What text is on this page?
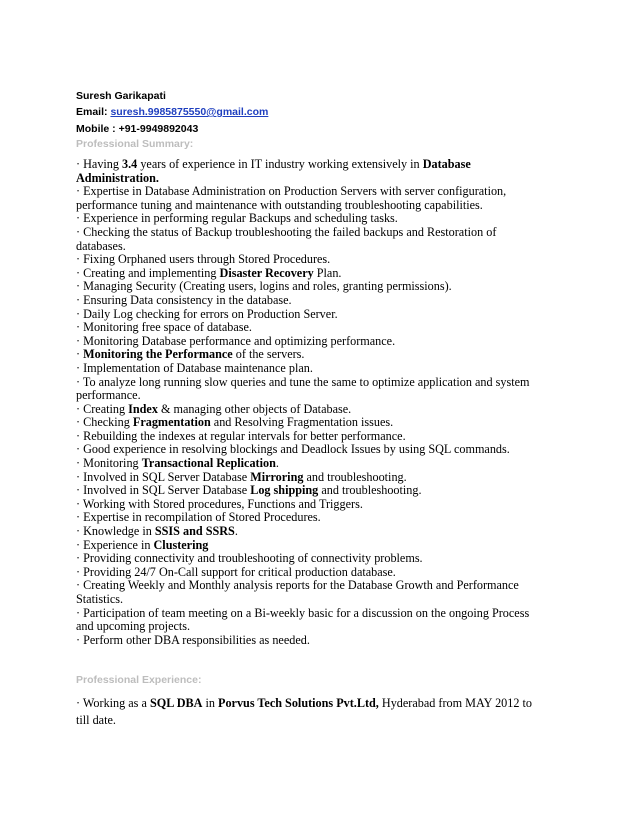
Suresh Garikapati
Email: suresh.9985875550@gmail.com
Mobile : +91-9949892043
Professional Summary:
· Having 3.4 years of experience in IT industry working extensively in Database
Administration.
· Expertise in Database Administration on Production Servers with server configuration,
performance tuning and maintenance with outstanding troubleshooting capabilities.
· Experience in performing regular Backups and scheduling tasks.
· Checking the status of Backup troubleshooting the failed backups and Restoration of
databases.
· Fixing Orphaned users through Stored Procedures.
· Creating and implementing Disaster Recovery Plan.
· Managing Security (Creating users, logins and roles, granting permissions).
· Ensuring Data consistency in the database.
· Daily Log checking for errors on Production Server.
· Monitoring free space of database.
· Monitoring Database performance and optimizing performance.
· Monitoring the Performance of the servers.
· Implementation of Database maintenance plan.
· To analyze long running slow queries and tune the same to optimize application and system
performance.
· Creating Index & managing other objects of Database.
· Checking Fragmentation and Resolving Fragmentation issues.
· Rebuilding the indexes at regular intervals for better performance.
· Good experience in resolving blockings and Deadlock Issues by using SQL commands.
· Monitoring Transactional Replication.
· Involved in SQL Server Database Mirroring and troubleshooting.
· Involved in SQL Server Database Log shipping and troubleshooting.
· Working with Stored procedures, Functions and Triggers.
· Expertise in recompilation of Stored Procedures.
· Knowledge in SSIS and SSRS.
· Experience in Clustering
· Providing connectivity and troubleshooting of connectivity problems.
· Providing 24/7 On-Call support for critical production database.
· Creating Weekly and Monthly analysis reports for the Database Growth and Performance
Statistics.
· Participation of team meeting on a Bi-weekly basic for a discussion on the ongoing Process
and upcoming projects.
· Perform other DBA responsibilities as needed.
Professional Experience:
· Working as a SQL DBA in Porvus Tech Solutions Pvt.Ltd, Hyderabad from MAY 2012 to
till date.
